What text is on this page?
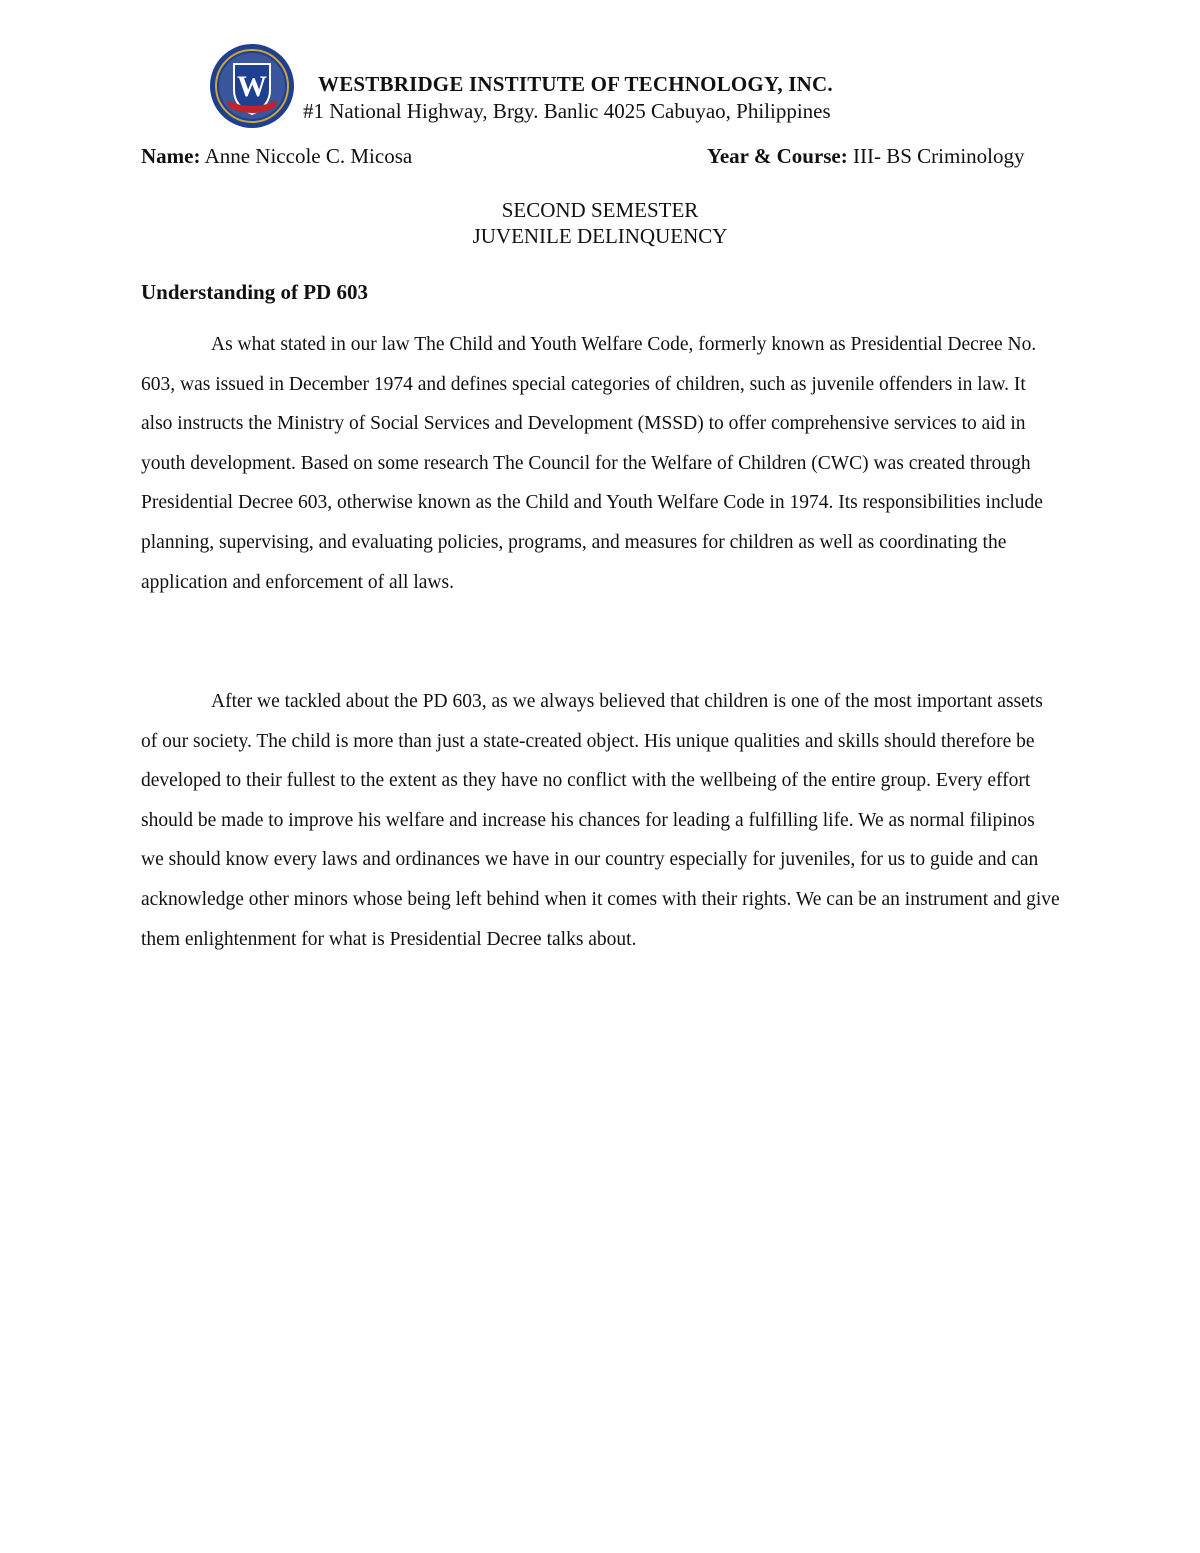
W WESTBRIDGE INSTITUTE OF TECHNOLOGY, INC.
#1 National Highway, Brgy. Banlic 4025 Cabuyao, Philippines
Name: Anne Niccole C. Micosa	Year & Course: III- BS Criminology
SECOND SEMESTER
JUVENILE DELINQUENCY
Understanding of PD 603

As what stated in our law The Child and Youth Welfare Code, formerly known as Presidential Decree No. 603, was issued in December 1974 and defines special categories of children, such as juvenile offenders in law. It also instructs the Ministry of Social Services and Development (MSSD) to offer comprehensive services to aid in youth development. Based on some research The Council for the Welfare of Children (CWC) was created through Presidential Decree 603, otherwise known as the Child and Youth Welfare Code in 1974. Its responsibilities include planning, supervising, and evaluating policies, programs, and measures for children as well as coordinating the application and enforcement of all laws.

After we tackled about the PD 603, as we always believed that children is one of the most important assets of our society. The child is more than just a state-created object. His unique qualities and skills should therefore be developed to their fullest to the extent as they have no conflict with the wellbeing of the entire group. Every effort should be made to improve his welfare and increase his chances for leading a fulfilling life. We as normal filipinos we should know every laws and ordinances we have in our country especially for juveniles, for us to guide and can acknowledge other minors whose being left behind when it comes with their rights. We can be an instrument and give them enlightenment for what is Presidential Decree talks about.
